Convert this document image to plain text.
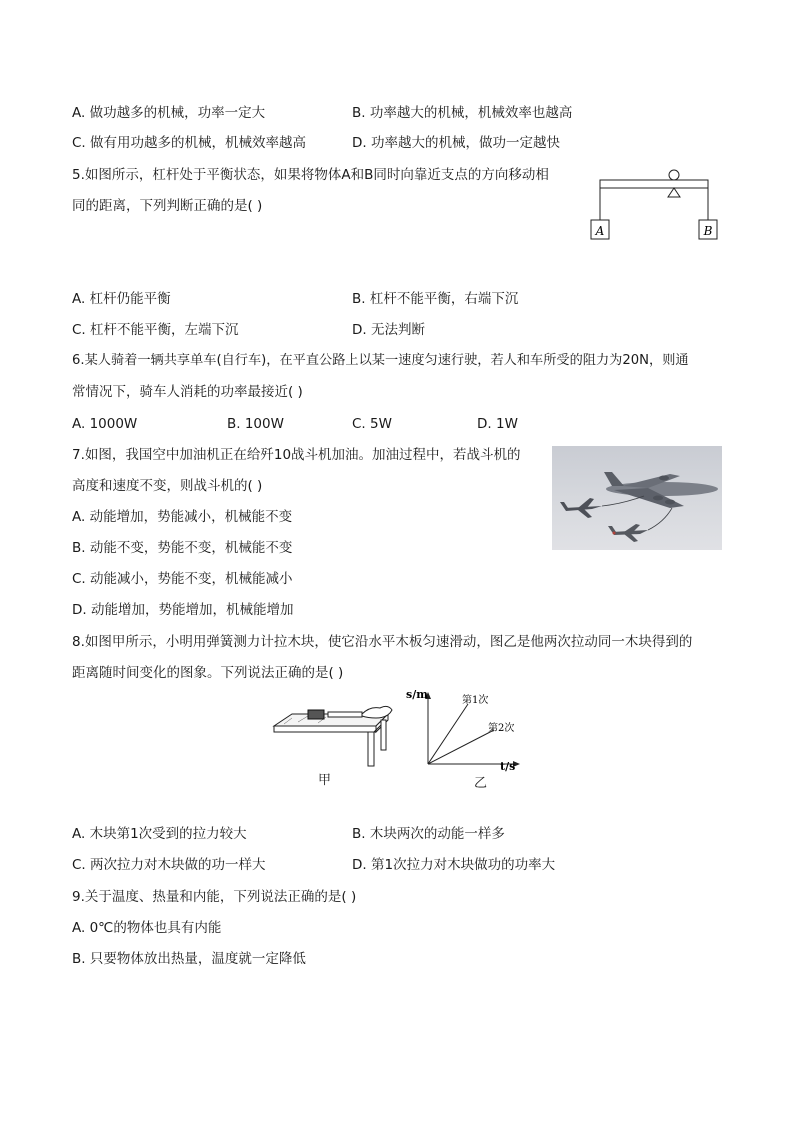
A. 做功越多的机械，功率一定大	B. 功率越大的机械，机械效率也越高
C. 做有用功越多的机械，机械效率越高	D. 功率越大的机械，做功一定越快
5.如图所示，杠杆处于平衡状态，如果将物体A和B同时向靠近支点的方向移动相
同的距离，下列判断正确的是( )
A	B
A. 杠杆仍能平衡	B. 杠杆不能平衡，右端下沉
C. 杠杆不能平衡，左端下沉	D. 无法判断
6.某人骑着一辆共享单车(自行车)，在平直公路上以某一速度匀速行驶，若人和车所受的阻力为20N，则通
常情况下，骑车人消耗的功率最接近( )
A. 1000W	B. 100W	C. 5W	D. 1W
7.如图，我国空中加油机正在给歼10战斗机加油。加油过程中，若战斗机的
高度和速度不变，则战斗机的( )
A. 动能增加，势能减小，机械能不变
B. 动能不变，势能不变，机械能不变
C. 动能减小，势能不变，机械能减小
D. 动能增加，势能增加，机械能增加
8.如图甲所示，小明用弹簧测力计拉木块，使它沿水平木板匀速滑动，图乙是他两次拉动同一木块得到的
距离随时间变化的图象。下列说法正确的是( )
甲
s/m
t/s
第1次
第2次
乙
A. 木块第1次受到的拉力较大	B. 木块两次的动能一样多
C. 两次拉力对木块做的功一样大	D. 第1次拉力对木块做功的功率大
9.关于温度、热量和内能，下列说法正确的是( )
A. 0℃的物体也具有内能
B. 只要物体放出热量，温度就一定降低
